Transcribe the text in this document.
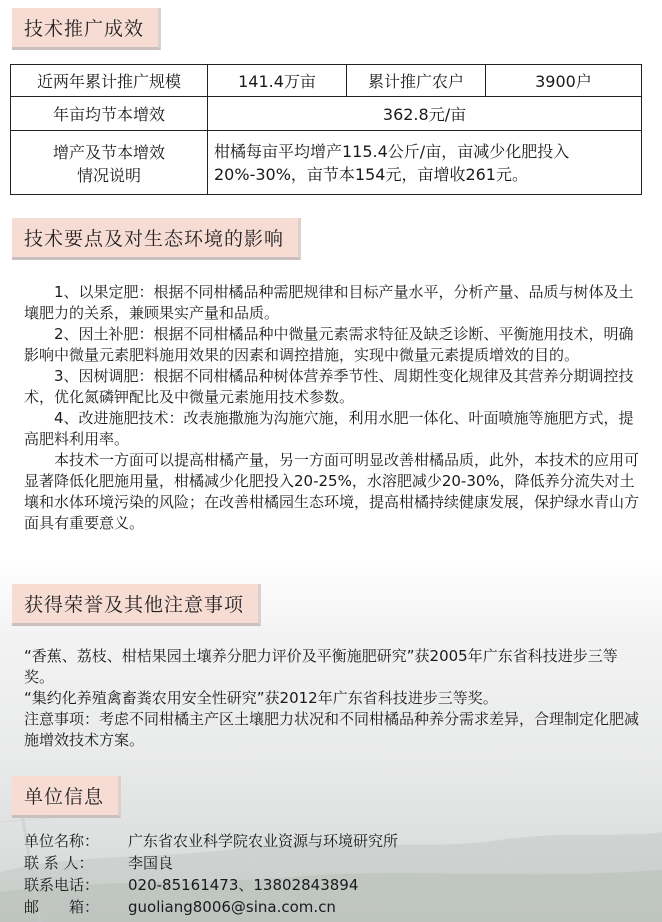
技术推广成效
近两年累计推广规模	141.4万亩	累计推广农户	3900户
年亩均节本增效	362.8元/亩		

增产及节本增效
情况说明	柑橘每亩平均增产115.4公斤/亩，亩减少化肥投入20%-30%，亩节本154元，亩增收261元。		
技术要点及对生态环境的影响

1、以果定肥：根据不同柑橘品种需肥规律和目标产量水平，分析产量、品质与树体及土壤肥力的关系，兼顾果实产量和品质。

2、因土补肥：根据不同柑橘品种中微量元素需求特征及缺乏诊断、平衡施用技术，明确影响中微量元素肥料施用效果的因素和调控措施，实现中微量元素提质增效的目的。

3、因树调肥：根据不同柑橘品种树体营养季节性、周期性变化规律及其营养分期调控技术，优化氮磷钾配比及中微量元素施用技术参数。

4、改进施肥技术：改表施撒施为沟施穴施，利用水肥一体化、叶面喷施等施肥方式，提高肥料利用率。

本技术一方面可以提高柑橘产量，另一方面可明显改善柑橘品质，此外，本技术的应用可显著降低化肥施用量，柑橘减少化肥投入20-25%，水溶肥减少20-30%，降低养分流失对土壤和水体环境污染的风险；在改善柑橘园生态环境，提高柑橘持续健康发展，保护绿水青山方面具有重要意义。

获得荣誉及其他注意事项

“香蕉、荔枝、柑桔果园土壤养分肥力评价及平衡施肥研究”获2005年广东省科技进步三等奖。

“集约化养殖禽畜粪农用安全性研究”获2012年广东省科技进步三等奖。

注意事项：考虑不同柑橘主产区土壤肥力状况和不同柑橘品种养分需求差异，合理制定化肥减施增效技术方案。

单位信息
单位名称：	广东省农业科学院农业资源与环境研究所
联 系 人：	李国良
联系电话：	020-85161473、13802843894
邮　　箱：	guoliang8006@sina.com.cn
